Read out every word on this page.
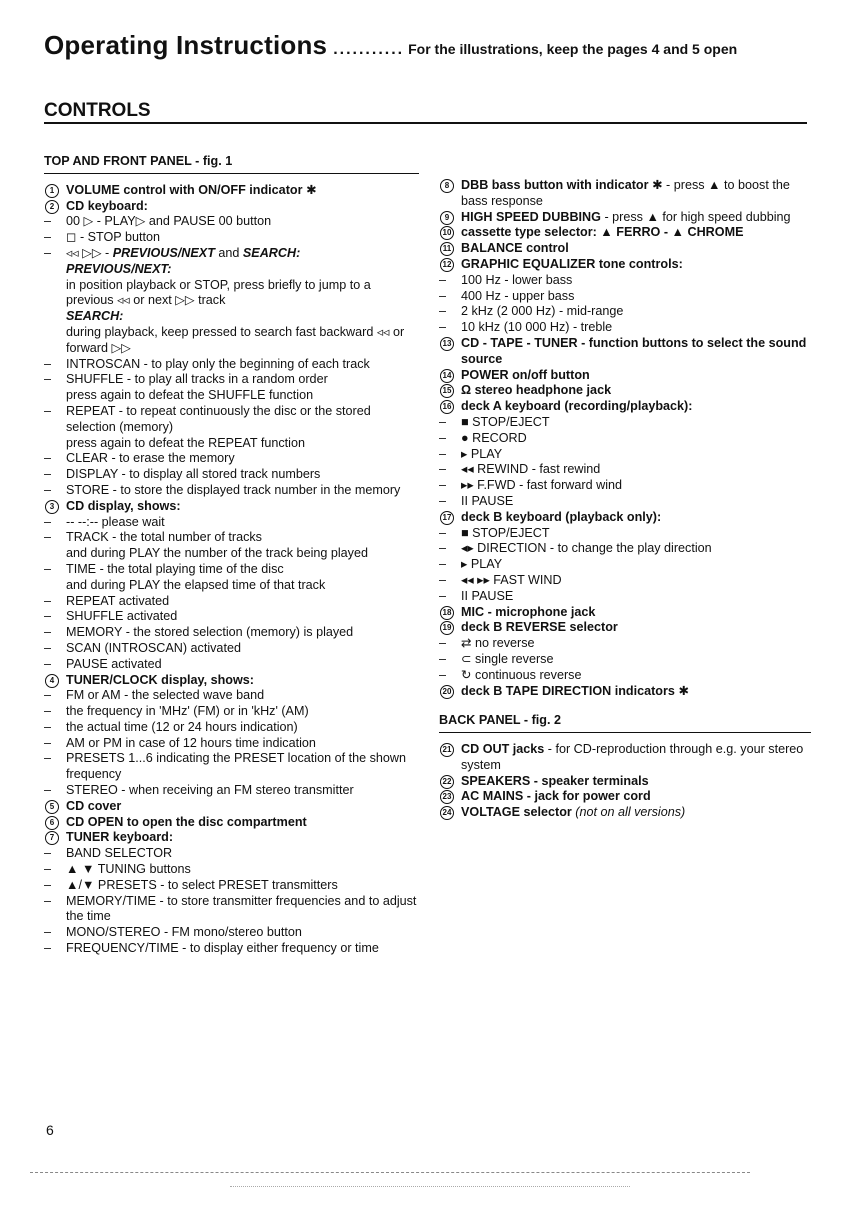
Operating Instructions ........... For the illustrations, keep the pages 4 and 5 open
CONTROLS
TOP AND FRONT PANEL - fig. 1
1 VOLUME control with ON/OFF indicator ✱
2 CD keyboard:
– 00 ▷ - PLAY▷ and PAUSE 00 button
– ◻ - STOP button
– ◃◃ ▷▷ - PREVIOUS/NEXT and SEARCH:
PREVIOUS/NEXT:
in position playback or STOP, press briefly to jump to a previous ◃◃ or next ▷▷ track
SEARCH:
during playback, keep pressed to search fast backward ◃◃ or forward ▷▷
– INTROSCAN - to play only the beginning of each track
– SHUFFLE - to play all tracks in a random order
press again to defeat the SHUFFLE function
– REPEAT - to repeat continuously the disc or the stored selection (memory)
press again to defeat the REPEAT function
– CLEAR - to erase the memory
– DISPLAY - to display all stored track numbers
– STORE - to store the displayed track number in the memory
3 CD display, shows:
– -- --:-- please wait
– TRACK - the total number of tracks
and during PLAY the number of the track being played
– TIME - the total playing time of the disc
and during PLAY the elapsed time of that track
– REPEAT activated
– SHUFFLE activated
– MEMORY - the stored selection (memory) is played
– SCAN (INTROSCAN) activated
– PAUSE activated
4 TUNER/CLOCK display, shows:
– FM or AM - the selected wave band
– the frequency in 'MHz' (FM) or in 'kHz' (AM)
– the actual time (12 or 24 hours indication)
– AM or PM in case of 12 hours time indication
– PRESETS 1...6 indicating the PRESET location of the shown frequency
– STEREO - when receiving an FM stereo transmitter
5 CD cover
6 CD OPEN to open the disc compartment
7 TUNER keyboard:
– BAND SELECTOR
– ▲ ▼ TUNING buttons
– ▲/▼ PRESETS - to select PRESET transmitters
– MEMORY/TIME - to store transmitter frequencies and to adjust the time
– MONO/STEREO - FM mono/stereo button
– FREQUENCY/TIME - to display either frequency or time
8 DBB bass button with indicator ✱ - press ▲ to boost the bass response
9 HIGH SPEED DUBBING - press ▲ for high speed dubbing
10 cassette type selector: ▲ FERRO - ▲ CHROME
11 BALANCE control
12 GRAPHIC EQUALIZER tone controls:
– 100 Hz - lower bass
– 400 Hz - upper bass
– 2 kHz (2 000 Hz) - mid-range
– 10 kHz (10 000 Hz) - treble
13 CD - TAPE - TUNER - function buttons to select the sound source
14 POWER on/off button
15 Ω stereo headphone jack
16 deck A keyboard (recording/playback):
– ■ STOP/EJECT
– ● RECORD
– ▸ PLAY
– ◂◂ REWIND - fast rewind
– ▸▸ F.FWD - fast forward wind
– II PAUSE
17 deck B keyboard (playback only):
– ■ STOP/EJECT
– ◂▸ DIRECTION - to change the play direction
– ▸ PLAY
– ◂◂ ▸▸ FAST WIND
– II PAUSE
18 MIC - microphone jack
19 deck B REVERSE selector
– ⇄ no reverse
– ⊂ single reverse
– ↻ continuous reverse
20 deck B TAPE DIRECTION indicators ✱
BACK PANEL - fig. 2
21 CD OUT jacks - for CD-reproduction through e.g. your stereo system
22 SPEAKERS - speaker terminals
23 AC MAINS - jack for power cord
24 VOLTAGE selector (not on all versions)
6
